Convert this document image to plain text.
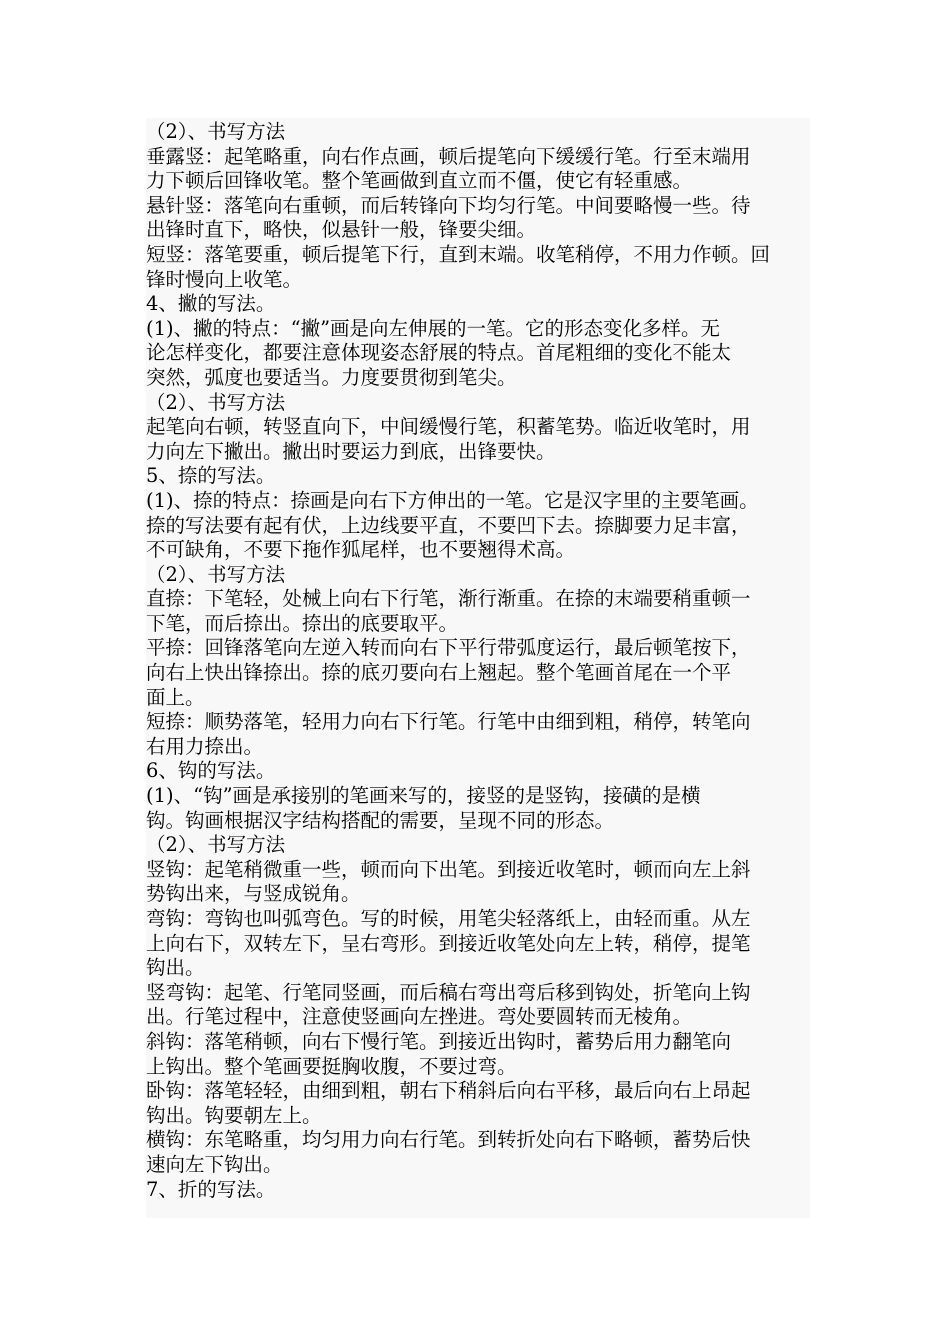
（2）、书写方法
垂露竖：起笔略重，向右作点画，顿后提笔向下缓缓行笔。行至末端用
力下顿后回锋收笔。整个笔画做到直立而不僵，使它有轻重感。
悬针竖：落笔向右重顿，而后转锋向下均匀行笔。中间要略慢一些。待
出锋时直下，略快，似悬针一般，锋要尖细。
短竖：落笔要重，顿后提笔下行，直到末端。收笔稍停，不用力作顿。回
锋时慢向上收笔。
4、撇的写法。
(1)、撇的特点：“撇”画是向左伸展的一笔。它的形态变化多样。无
论怎样变化，都要注意体现姿态舒展的特点。首尾粗细的变化不能太
突然，弧度也要适当。力度要贯彻到笔尖。
（2）、书写方法
起笔向右顿，转竖直向下，中间缓慢行笔，积蓄笔势。临近收笔时，用
力向左下撇出。撇出时要运力到底，出锋要快。
5、捺的写法。
(1)、捺的特点：捺画是向右下方伸出的一笔。它是汉字里的主要笔画。
捺的写法要有起有伏，上边线要平直，不要凹下去。捺脚要力足丰富，
不可缺角，不要下拖作狐尾样，也不要翘得术高。
（2）、书写方法
直捺：下笔轻，处械上向右下行笔，渐行渐重。在捺的末端要稍重顿一
下笔，而后捺出。捺出的底要取平。
平捺：回锋落笔向左逆入转而向右下平行带弧度运行，最后顿笔按下，
向右上快出锋捺出。捺的底刃要向右上翘起。整个笔画首尾在一个平
面上。
短捺：顺势落笔，轻用力向右下行笔。行笔中由细到粗，稍停，转笔向
右用力捺出。
6、钩的写法。
(1)、“钩”画是承接别的笔画来写的，接竖的是竖钩，接磺的是横
钩。钩画根据汉字结构搭配的需要，呈现不同的形态。
（2）、书写方法
竖钩：起笔稍微重一些，顿而向下出笔。到接近收笔时，顿而向左上斜
势钩出来，与竖成锐角。
弯钩：弯钩也叫弧弯色。写的时候，用笔尖轻落纸上，由轻而重。从左
上向右下，双转左下，呈右弯形。到接近收笔处向左上转，稍停，提笔
钩出。
竖弯钩：起笔、行笔同竖画，而后稿右弯出弯后移到钩处，折笔向上钩
出。行笔过程中，注意使竖画向左挫进。弯处要圆转而无棱角。
斜钩：落笔稍顿，向右下慢行笔。到接近出钩时，蓄势后用力翻笔向
上钩出。整个笔画要挺胸收腹，不要过弯。
卧钩：落笔轻轻，由细到粗，朝右下稍斜后向右平移，最后向右上昂起
钩出。钩要朝左上。
横钩：东笔略重，均匀用力向右行笔。到转折处向右下略顿，蓄势后快
速向左下钩出。
7、折的写法。
